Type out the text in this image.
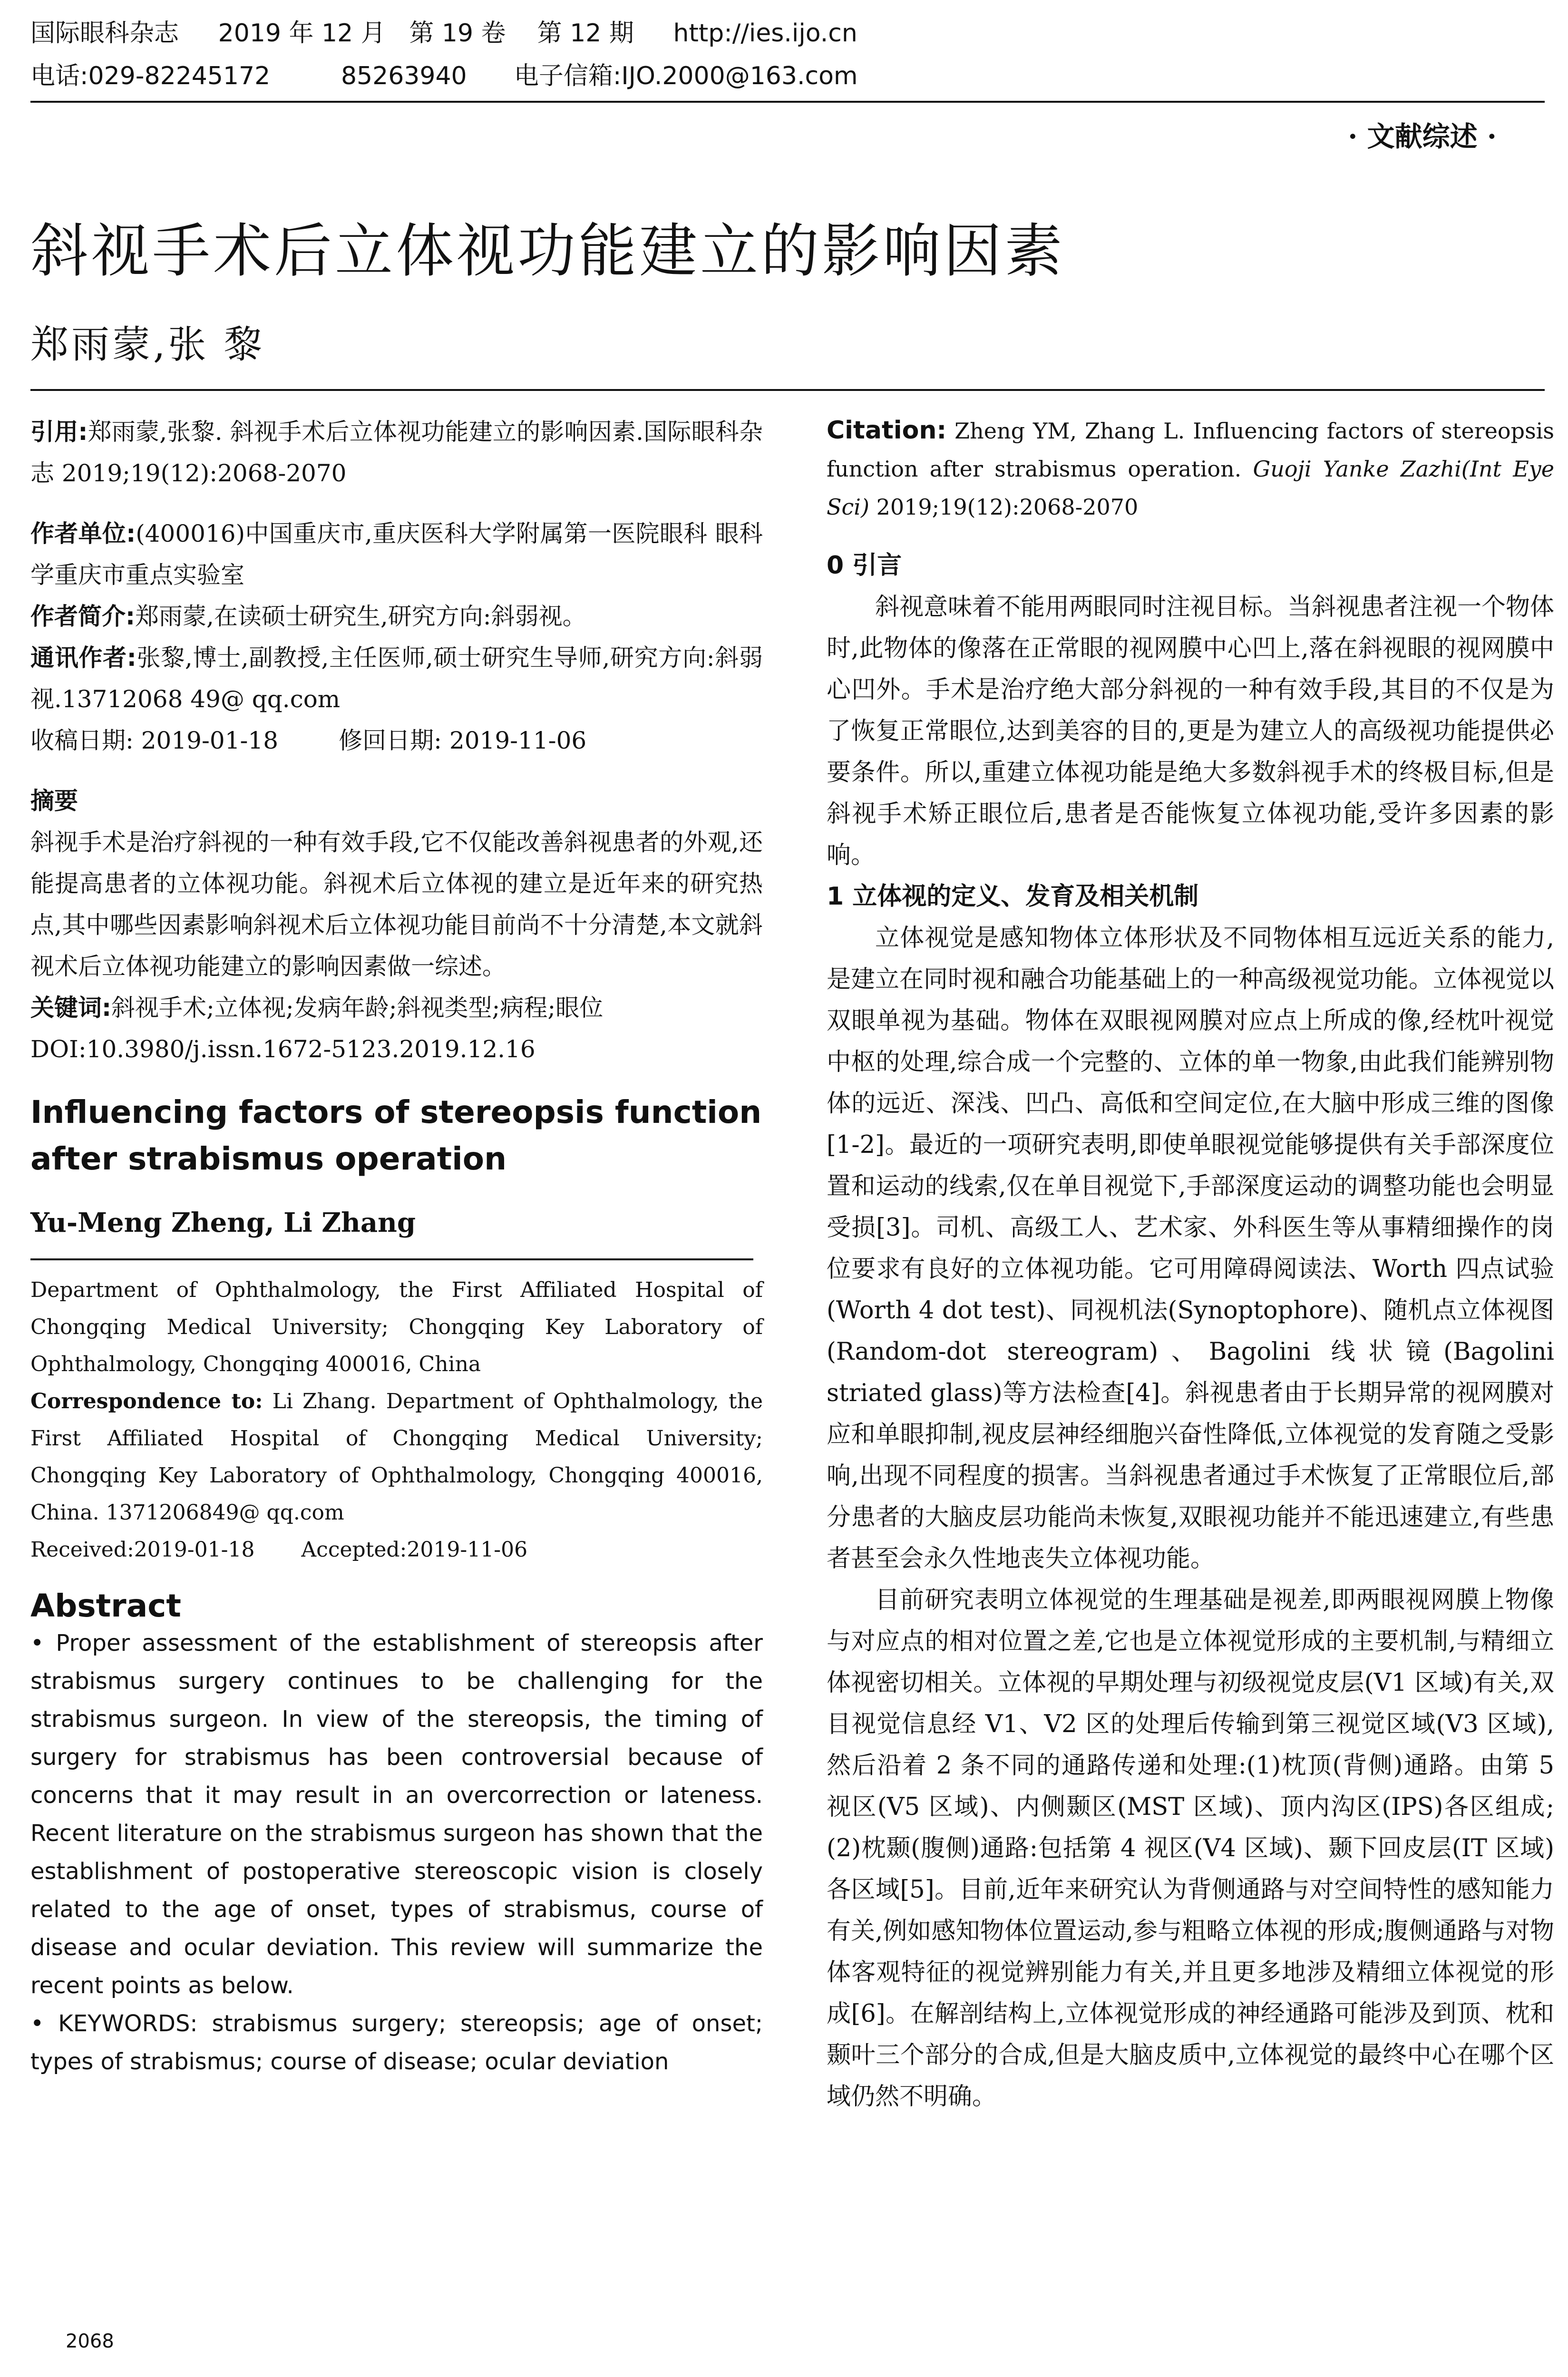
国际眼科杂志     2019 年 12 月   第 19 卷    第 12 期     http://ies.ijo.cn
电话:029-82245172         85263940      电子信箱:IJO.2000@163.com
· 文献综述 ·
斜视手术后立体视功能建立的影响因素
郑雨蒙,张 黎
引用:郑雨蒙,张黎. 斜视手术后立体视功能建立的影响因素.国际眼科杂志 2019;19(12):2068-2070
作者单位:(400016)中国重庆市,重庆医科大学附属第一医院眼科 眼科学重庆市重点实验室
作者简介:郑雨蒙,在读硕士研究生,研究方向:斜弱视。
通讯作者:张黎,博士,副教授,主任医师,硕士研究生导师,研究方向:斜弱视.13712068 49@ qq.com
收稿日期: 2019-01-18        修回日期: 2019-11-06
摘要
斜视手术是治疗斜视的一种有效手段,它不仅能改善斜视患者的外观,还能提高患者的立体视功能。斜视术后立体视的建立是近年来的研究热点,其中哪些因素影响斜视术后立体视功能目前尚不十分清楚,本文就斜视术后立体视功能建立的影响因素做一综述。
关键词:斜视手术;立体视;发病年龄;斜视类型;病程;眼位
DOI:10.3980/j.issn.1672-5123.2019.12.16
Influencing factors of stereopsis function after strabismus operation
Yu-Meng Zheng, Li Zhang
Department of Ophthalmology, the First Affiliated Hospital of Chongqing Medical University; Chongqing Key Laboratory of Ophthalmology, Chongqing 400016, China
Correspondence to: Li Zhang. Department of Ophthalmology, the First Affiliated Hospital of Chongqing Medical University; Chongqing Key Laboratory of Ophthalmology, Chongqing 400016, China. 1371206849@ qq.com
Received:2019-01-18       Accepted:2019-11-06
Abstract
• Proper assessment of the establishment of stereopsis after strabismus surgery continues to be challenging for the strabismus surgeon. In view of the stereopsis, the timing of surgery for strabismus has been controversial because of concerns that it may result in an overcorrection or lateness. Recent literature on the strabismus surgeon has shown that the establishment of postoperative stereoscopic vision is closely related to the age of onset, types of strabismus, course of disease and ocular deviation. This review will summarize the recent points as below.
• KEYWORDS: strabismus surgery; stereopsis; age of onset; types of strabismus; course of disease; ocular deviation
Citation: Zheng YM, Zhang L. Influencing factors of stereopsis function after strabismus operation. Guoji Yanke Zazhi(Int Eye Sci) 2019;19(12):2068-2070
0 引言
斜视意味着不能用两眼同时注视目标。当斜视患者注视一个物体时,此物体的像落在正常眼的视网膜中心凹上,落在斜视眼的视网膜中心凹外。手术是治疗绝大部分斜视的一种有效手段,其目的不仅是为了恢复正常眼位,达到美容的目的,更是为建立人的高级视功能提供必要条件。所以,重建立体视功能是绝大多数斜视手术的终极目标,但是斜视手术矫正眼位后,患者是否能恢复立体视功能,受许多因素的影响。
1 立体视的定义、发育及相关机制
立体视觉是感知物体立体形状及不同物体相互远近关系的能力,是建立在同时视和融合功能基础上的一种高级视觉功能。立体视觉以双眼单视为基础。物体在双眼视网膜对应点上所成的像,经枕叶视觉中枢的处理,综合成一个完整的、立体的单一物象,由此我们能辨别物体的远近、深浅、凹凸、高低和空间定位,在大脑中形成三维的图像[1-2]。最近的一项研究表明,即使单眼视觉能够提供有关手部深度位置和运动的线索,仅在单目视觉下,手部深度运动的调整功能也会明显受损[3]。司机、高级工人、艺术家、外科医生等从事精细操作的岗位要求有良好的立体视功能。它可用障碍阅读法、Worth 四点试验(Worth 4 dot test)、同视机法(Synoptophore)、随机点立体视图(Random-dot stereogram)、Bagolini 线状镜(Bagolini striated glass)等方法检查[4]。斜视患者由于长期异常的视网膜对应和单眼抑制,视皮层神经细胞兴奋性降低,立体视觉的发育随之受影响,出现不同程度的损害。当斜视患者通过手术恢复了正常眼位后,部分患者的大脑皮层功能尚未恢复,双眼视功能并不能迅速建立,有些患者甚至会永久性地丧失立体视功能。
目前研究表明立体视觉的生理基础是视差,即两眼视网膜上物像与对应点的相对位置之差,它也是立体视觉形成的主要机制,与精细立体视密切相关。立体视的早期处理与初级视觉皮层(V1 区域)有关,双目视觉信息经 V1、V2 区的处理后传输到第三视觉区域(V3 区域),然后沿着 2 条不同的通路传递和处理:(1)枕顶(背侧)通路。由第 5 视区(V5 区域)、内侧颞区(MST 区域)、顶内沟区(IPS)各区组成;(2)枕颞(腹侧)通路:包括第 4 视区(V4 区域)、颞下回皮层(IT 区域)各区域[5]。目前,近年来研究认为背侧通路与对空间特性的感知能力有关,例如感知物体位置运动,参与粗略立体视的形成;腹侧通路与对物体客观特征的视觉辨别能力有关,并且更多地涉及精细立体视觉的形成[6]。在解剖结构上,立体视觉形成的神经通路可能涉及到顶、枕和颞叶三个部分的合成,但是大脑皮质中,立体视觉的最终中心在哪个区域仍然不明确。
2068
